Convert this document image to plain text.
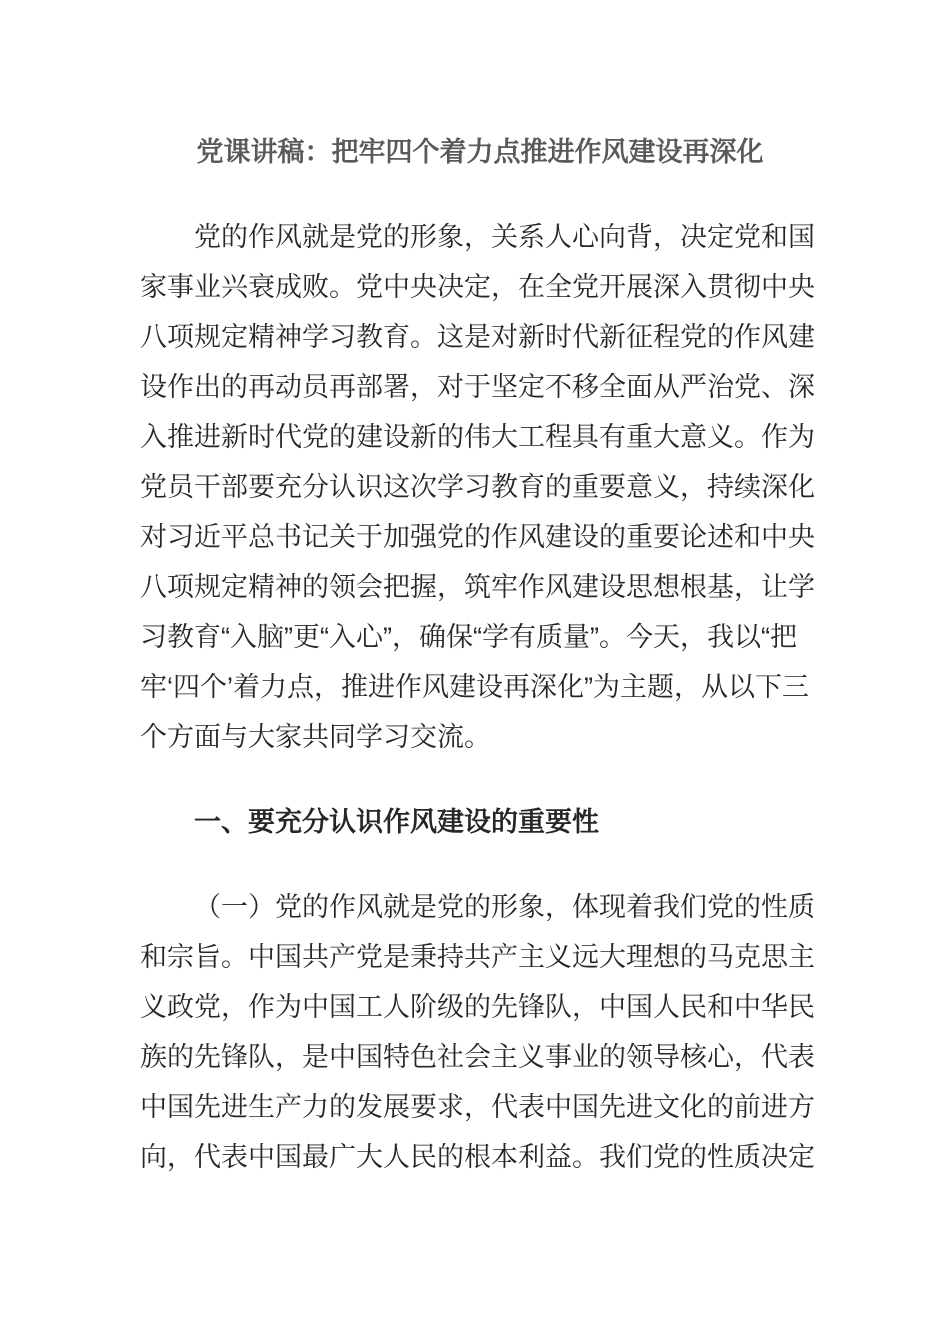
党课讲稿：把牢四个着力点推进作风建设再深化

党的作风就是党的形象，关系人心向背，决定党和国家事业兴衰成败。党中央决定，在全党开展深入贯彻中央八项规定精神学习教育。这是对新时代新征程党的作风建设作出的再动员再部署，对于坚定不移全面从严治党、深入推进新时代党的建设新的伟大工程具有重大意义。作为党员干部要充分认识这次学习教育的重要意义，持续深化对习近平总书记关于加强党的作风建设的重要论述和中央八项规定精神的领会把握，筑牢作风建设思想根基，让学习教育“入脑”更“入心”，确保“学有质量”。今天，我以“把牢‘四个’着力点，推进作风建设再深化”为主题，从以下三个方面与大家共同学习交流。

一、要充分认识作风建设的重要性

（一）党的作风就是党的形象，体现着我们党的性质和宗旨。中国共产党是秉持共产主义远大理想的马克思主义政党，作为中国工人阶级的先锋队，中国人民和中华民族的先锋队，是中国特色社会主义事业的领导核心，代表中国先进生产力的发展要求，代表中国先进文化的前进方向，代表中国最广大人民的根本利益。我们党的性质决定
